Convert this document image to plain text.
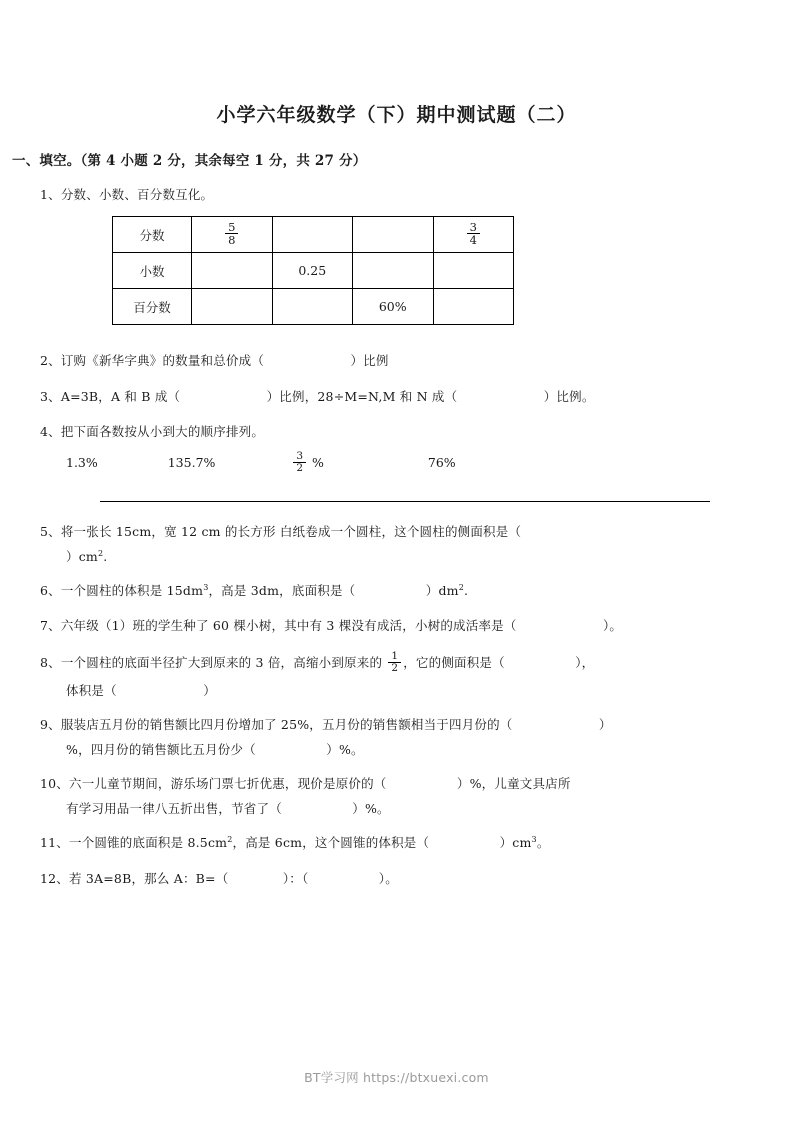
小学六年级数学（下）期中测试题（二）
一、填空。（第 4 小题 2 分，其余每空 1 分，共 27 分）
1、分数、小数、百分数互化。
分数	$\frac{5}{8}$			$\frac{3}{4}$

小数		0.25		
百分数			60%	
2、订购《新华字典》的数量和总价成（	）比例
3、A=3B，A 和 B 成（	）比例，28÷M=N,M 和 N 成（	）比例。
4、把下面各数按从小到大的顺序排列。
1.3%	135.7%	$\frac{3}{2}$ %	76%
5、将一张长 15cm，宽 12 cm 的长方形 白纸卷成一个圆柱，这个圆柱的侧面积是（
）$cm^2$.
6、一个圆柱的体积是 $15dm^3$，高是 3dm，底面积是（	）$dm^2$.
7、六年级（1）班的学生种了 60 棵小树，其中有 3 棵没有成活，小树的成活率是（	）。
8、一个圆柱的底面半径扩大到原来的 3 倍，高缩小到原来的 $\frac{1}{2}$ ，它的侧面积是（	），
体积是（	）
9、服装店五月份的销售额比四月份增加了 25%，五月份的销售额相当于四月份的（	）
%，四月份的销售额比五月份少（	）%。
10、六一儿童节期间，游乐场门票七折优惠，现价是原价的（	）%，儿童文具店所
有学习用品一律八五折出售，节省了（	）%。
11、一个圆锥的底面积是 $8.5cm^2$，高是 6cm，这个圆锥的体积是（	）$cm^3$。
12、若 3A=8B，那么 A：B=（	）：（	）。
BT学习网 https://btxuexi.com
